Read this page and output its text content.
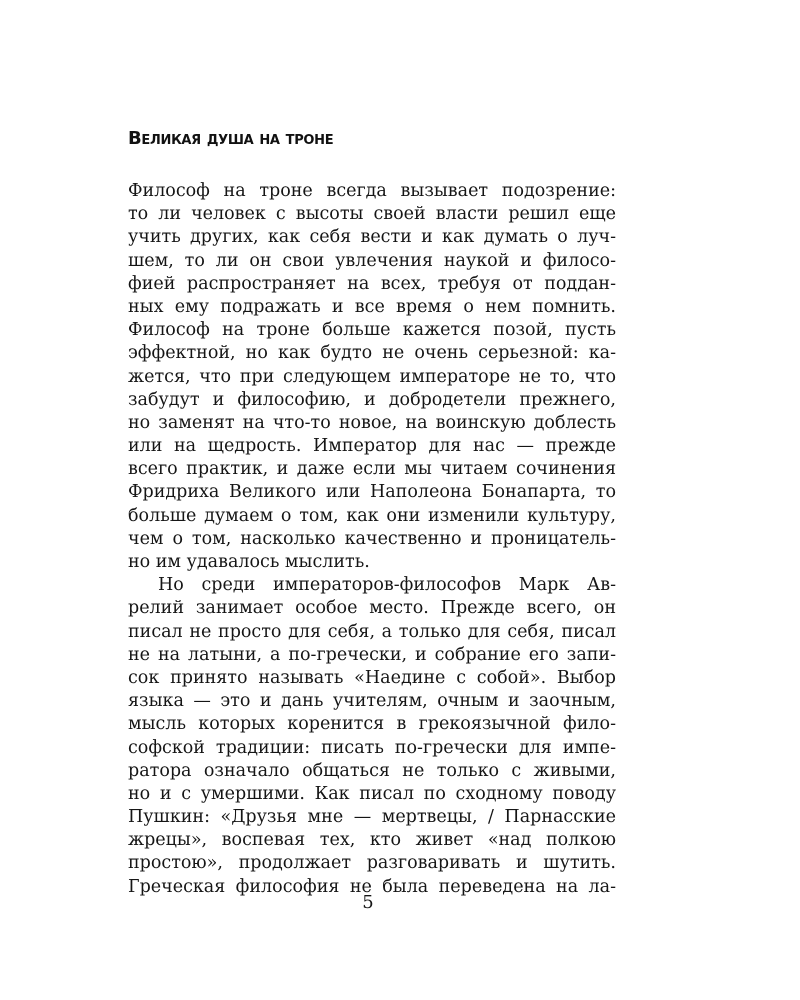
Великая душа на троне
Философ на троне всегда вызывает подозрение:
то ли человек с высоты своей власти решил еще
учить других, как себя вести и как думать о луч-
шем, то ли он свои увлечения наукой и филосо-
фией распространяет на всех, требуя от поддан-
ных ему подражать и все время о нем помнить.
Философ на троне больше кажется позой, пусть
эффектной, но как будто не очень серьезной: ка-
жется, что при следующем императоре не то, что
забудут и философию, и добродетели прежнего,
но заменят на что-то новое, на воинскую доблесть
или на щедрость. Император для нас — прежде
всего практик, и даже если мы читаем сочинения
Фридриха Великого или Наполеона Бонапарта, то
больше думаем о том, как они изменили культуру,
чем о том, насколько качественно и проницатель-
но им удавалось мыслить.
Но среди императоров-философов Марк Ав-
релий занимает особое место. Прежде всего, он
писал не просто для себя, а только для себя, писал
не на латыни, а по-гречески, и собрание его запи-
сок принято называть «Наедине с собой». Выбор
языка — это и дань учителям, очным и заочным,
мысль которых коренится в грекоязычной фило-
софской традиции: писать по-гречески для импе-
ратора означало общаться не только с живыми,
но и с умершими. Как писал по сходному поводу
Пушкин: «Друзья мне — мертвецы, / Парнасские
жрецы», воспевая тех, кто живет «над полкою
простою», продолжает разговаривать и шутить.
Греческая философия не была переведена на ла-
5
